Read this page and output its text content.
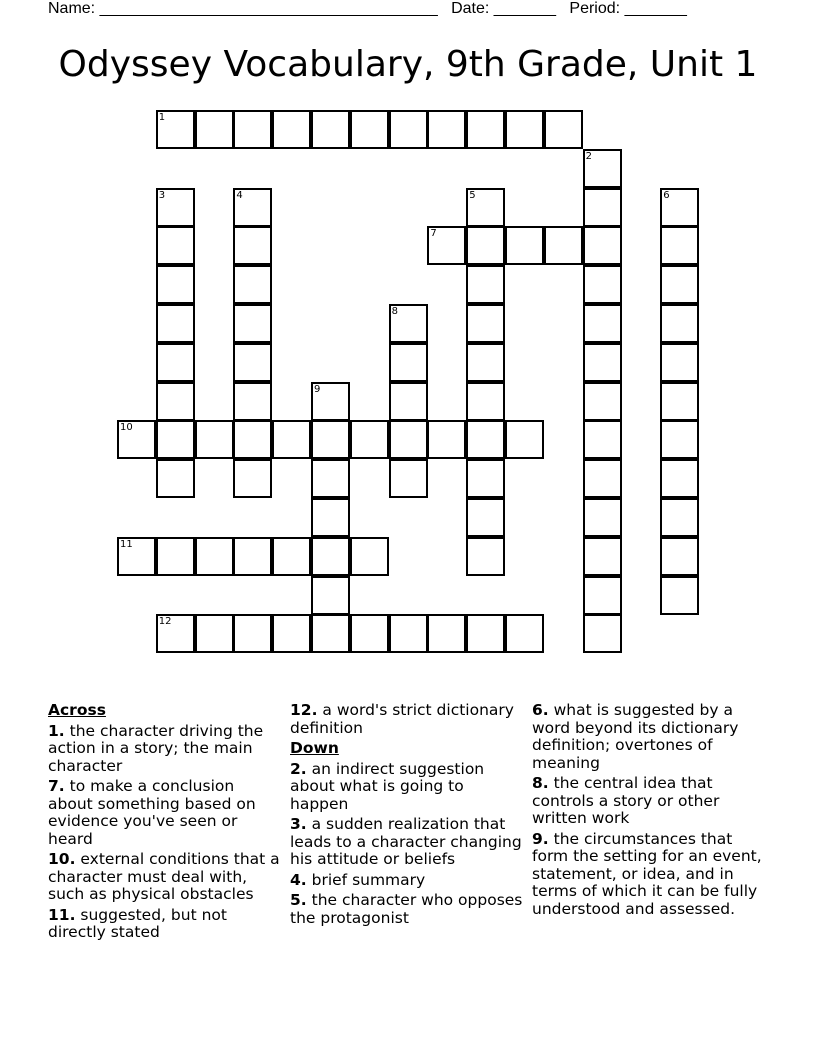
Name: ______________________________________ Date: _______ Period: _______
Odyssey Vocabulary, 9th Grade, Unit 1
1
2
3	4	5	6
7
8
9
10
11
12
Across
1. the character driving the action in a story; the main character
7. to make a conclusion about something based on evidence you've seen or heard
10. external conditions that a character must deal with, such as physical obstacles
11. suggested, but not directly stated
12. a word's strict dictionary definition
Down
2. an indirect suggestion about what is going to happen
3. a sudden realization that leads to a character changing his attitude or beliefs
4. brief summary
5. the character who opposes the protagonist
6. what is suggested by a word beyond its dictionary definition; overtones of meaning
8. the central idea that controls a story or other written work
9. the circumstances that form the setting for an event, statement, or idea, and in terms of which it can be fully understood and assessed.
